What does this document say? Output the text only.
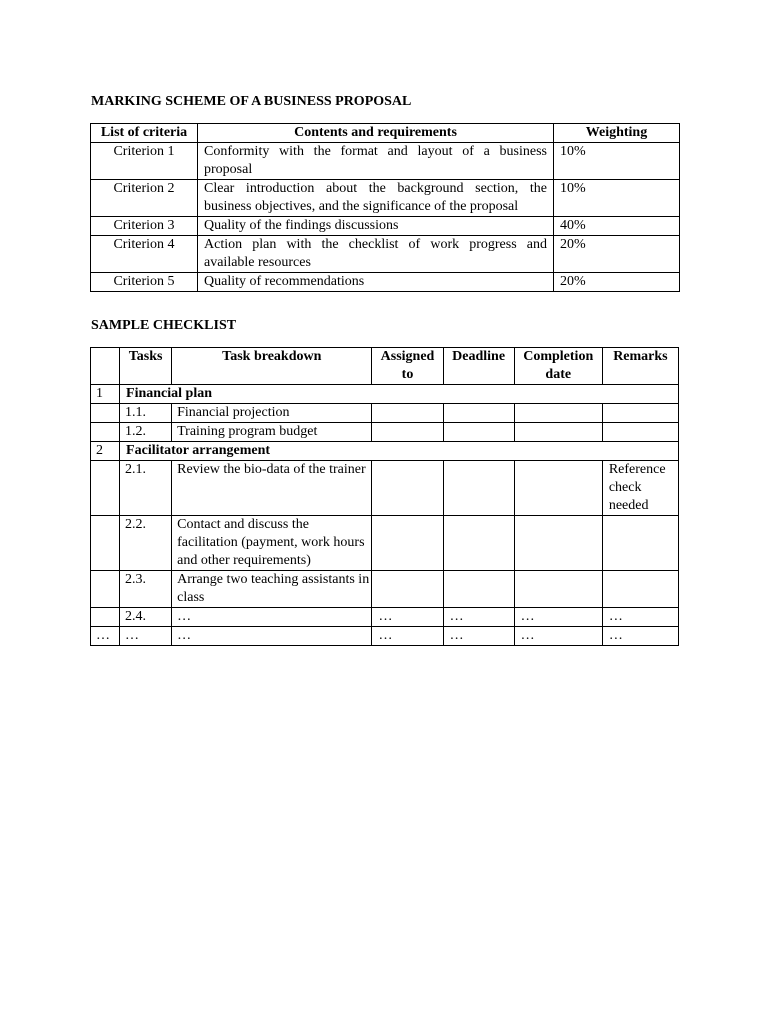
MARKING SCHEME OF A BUSINESS PROPOSAL
List of criteria	Contents and requirements	Weighting
Criterion 1	Conformity with the format and layout of a business proposal	10%
Criterion 2	Clear introduction about the background section, the business objectives, and the significance of the proposal	10%
Criterion 3	Quality of the findings discussions	40%
Criterion 4	Action plan with the checklist of work progress and available resources	20%
Criterion 5	Quality of recommendations	20%
SAMPLE CHECKLIST
	Tasks	Task breakdown	Assigned to	Deadline	Completion date	Remarks
1	Financial plan					
	1.1.	Financial projection				
	1.2.	Training program budget				
2	Facilitator arrangement					
	2.1.	Review the bio-data of the trainer				Reference check needed
	2.2.	Contact and discuss the facilitation (payment, work hours and other requirements)				
	2.3.	Arrange two teaching assistants in class				
	2.4.	…	…	…	…	…
…	…	…	…	…	…	…
